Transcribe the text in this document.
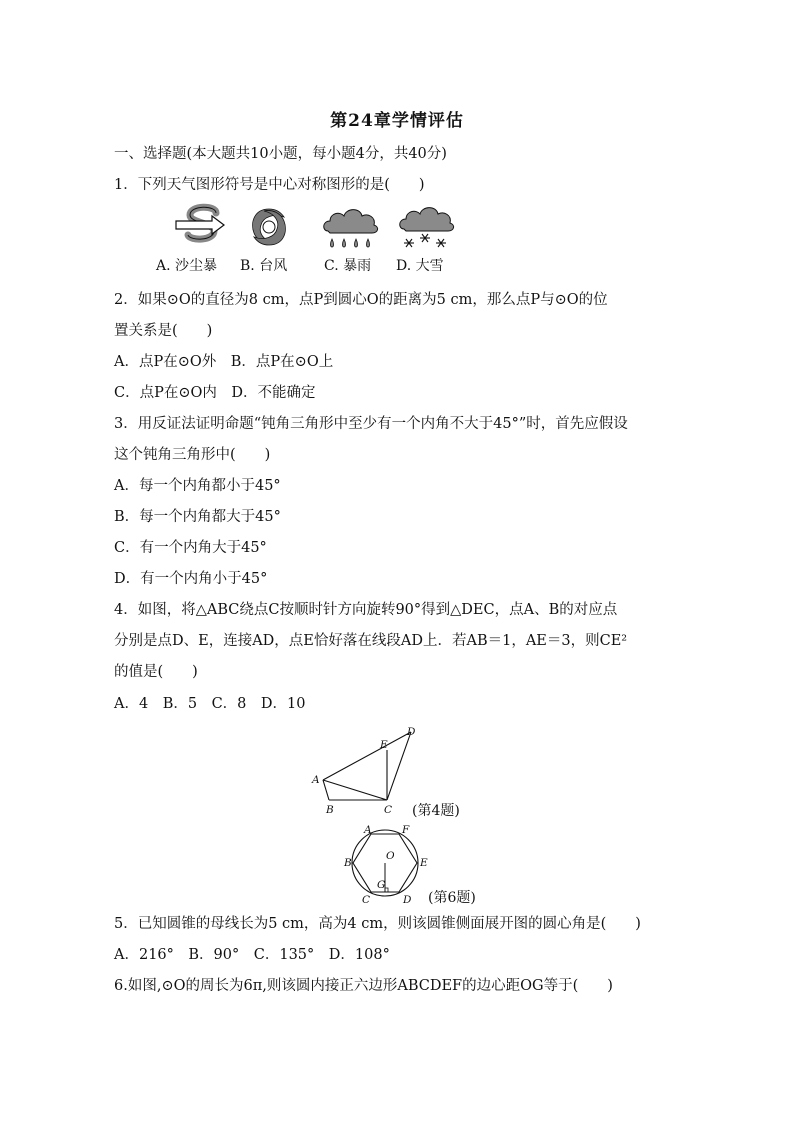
第24章学情评估
一、选择题(本大题共10小题，每小题4分，共40分)
1．下列天气图形符号是中心对称图形的是(　　)
A. 沙尘暴 B. 台风	C. 暴雨 D. 大雪
2．如果⊙O的直径为8 cm，点P到圆心O的距离为5 cm，那么点P与⊙O的位
置关系是(　　)
A．点P在⊙O外　B．点P在⊙O上
C．点P在⊙O内　D．不能确定
3．用反证法证明命题“钝角三角形中至少有一个内角不大于45°”时，首先应假设
这个钝角三角形中(　　)
A．每一个内角都小于45°
B．每一个内角都大于45°
C．有一个内角大于45°
D．有一个内角小于45°
4．如图，将△ABC绕点C按顺时针方向旋转90°得到△DEC，点A、B的对应点
分别是点D、E，连接AD，点E恰好落在线段AD上．若AB＝1，AE＝3，则CE²
的值是(　　)
A．4　B．5　C．8　D．10
A
B	C
D
E
(第4题)
A
B
C	D
E
F
G
O
(第6题)
5．已知圆锥的母线长为5 cm，高为4 cm，则该圆锥侧面展开图的圆心角是(　　)
A．216°　B．90°　C．135°　D．108°
6.如图,⊙O的周长为6π,则该圆内接正六边形ABCDEF的边心距OG等于(　　)
